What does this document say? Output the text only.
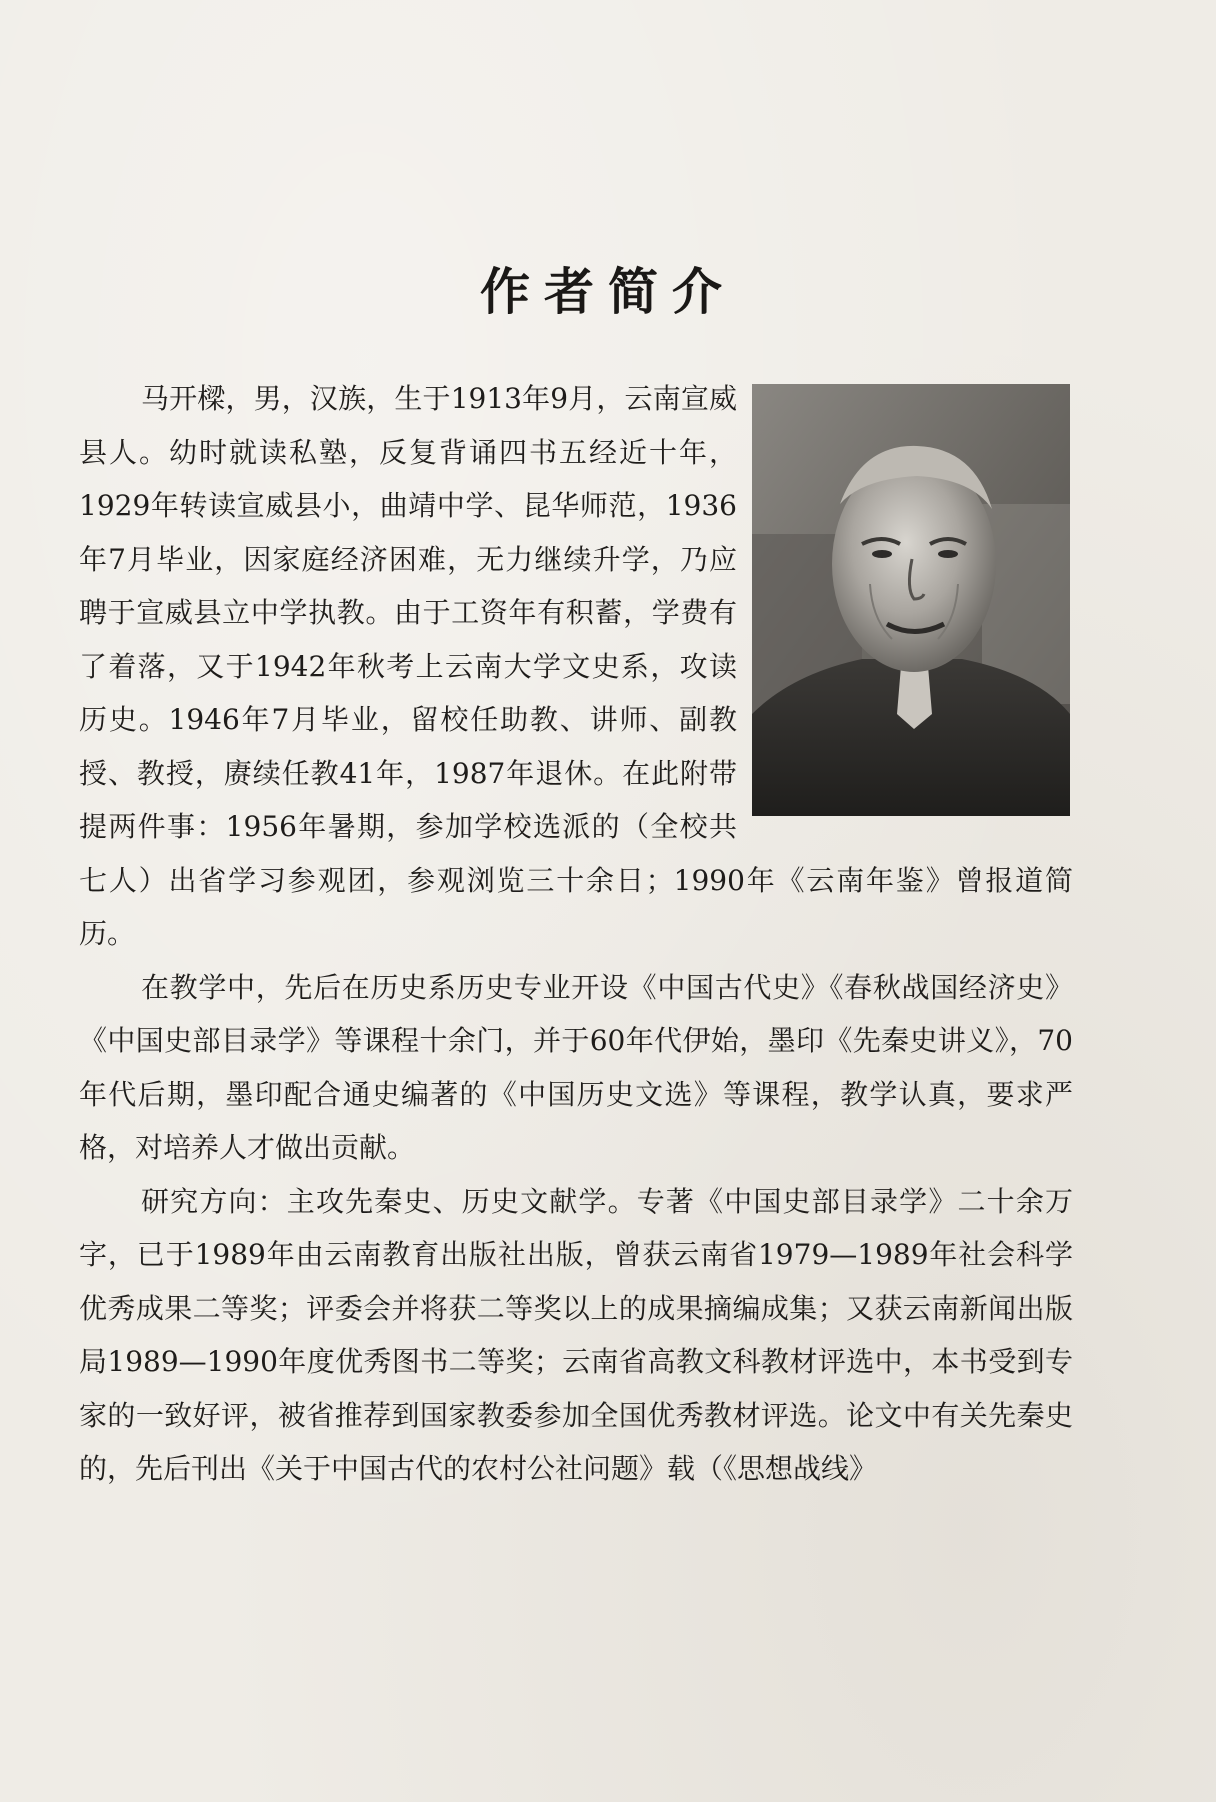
作者简介

马开樑，男，汉族，生于1913年9月，云南宣威县人。幼时就读私塾，反复背诵四书五经近十年，1929年转读宣威县小，曲靖中学、昆华师范，1936年7月毕业，因家庭经济困难，无力继续升学，乃应聘于宣威县立中学执教。由于工资年有积蓄，学费有了着落，又于1942年秋考上云南大学文史系，攻读历史。1946年7月毕业，留校任助教、讲师、副教授、教授，赓续任教41年，1987年退休。在此附带提两件事：1956年暑期，参加学校选派的（全校共七人）出省学习参观团，参观浏览三十余日；1990年《云南年鉴》曾报道简历。

在教学中，先后在历史系历史专业开设《中国古代史》《春秋战国经济史》《中国史部目录学》等课程十余门，并于60年代伊始，墨印《先秦史讲义》，70年代后期，墨印配合通史编著的《中国历史文选》等课程，教学认真，要求严格，对培养人才做出贡献。

研究方向：主攻先秦史、历史文献学。专著《中国史部目录学》二十余万字，已于1989年由云南教育出版社出版，曾获云南省1979—1989年社会科学优秀成果二等奖；评委会并将获二等奖以上的成果摘编成集；又获云南新闻出版局1989—1990年度优秀图书二等奖；云南省高教文科教材评选中，本书受到专家的一致好评，被省推荐到国家教委参加全国优秀教材评选。论文中有关先秦史的，先后刊出《关于中国古代的农村公社问题》载（《思想战线》
